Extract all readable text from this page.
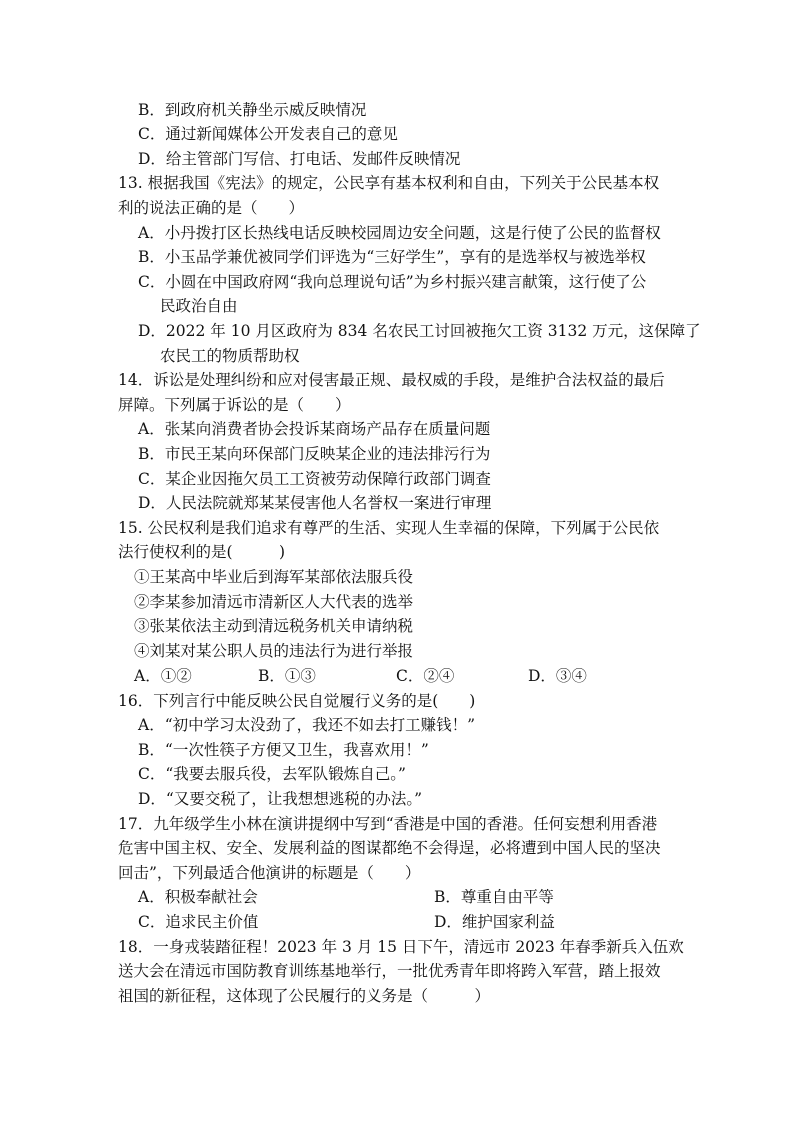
B．到政府机关静坐示威反映情况
C．通过新闻媒体公开发表自己的意见
D．给主管部门写信、打电话、发邮件反映情况
13. 根据我国《宪法》的规定，公民享有基本权利和自由，下列关于公民基本权
利的说法正确的是（　　）
A．小丹拨打区长热线电话反映校园周边安全问题，这是行使了公民的监督权
B．小玉品学兼优被同学们评选为“三好学生”，享有的是选举权与被选举权
C．小圆在中国政府网“我向总理说句话”为乡村振兴建言献策，这行使了公
民政治自由
D．2022 年 10 月区政府为 834 名农民工讨回被拖欠工资 3132 万元，这保障了
农民工的物质帮助权
14．诉讼是处理纠纷和应对侵害最正规、最权威的手段，是维护合法权益的最后
屏障。下列属于诉讼的是（　　）
A．张某向消费者协会投诉某商场产品存在质量问题
B．市民王某向环保部门反映某企业的违法排污行为
C．某企业因拖欠员工工资被劳动保障行政部门调查
D．人民法院就郑某某侵害他人名誉权一案进行审理
15. 公民权利是我们追求有尊严的生活、实现人生幸福的保障，下列属于公民依
法行使权利的是(　　　)
①王某高中毕业后到海军某部依法服兵役
②李某参加清远市清新区人大代表的选举
③张某依法主动到清远税务机关申请纳税
④刘某对某公职人员的违法行为进行举报
A．①②	B．①③	C．②④	D．③④
16．下列言行中能反映公民自觉履行义务的是(　　)
A．“初中学习太没劲了，我还不如去打工赚钱！”
B．“一次性筷子方便又卫生，我喜欢用！”
C．“我要去服兵役，去军队锻炼自己。”
D．“又要交税了，让我想想逃税的办法。”
17．九年级学生小林在演讲提纲中写到“香港是中国的香港。任何妄想利用香港
危害中国主权、安全、发展利益的图谋都绝不会得逞，必将遭到中国人民的坚决
回击”，下列最适合他演讲的标题是（　　）
A．积极奉献社会	B．尊重自由平等
C．追求民主价值	D．维护国家利益
18．一身戎装踏征程！2023 年 3 月 15 日下午，清远市 2023 年春季新兵入伍欢
送大会在清远市国防教育训练基地举行，一批优秀青年即将跨入军营，踏上报效
祖国的新征程，这体现了公民履行的义务是（　　　）
